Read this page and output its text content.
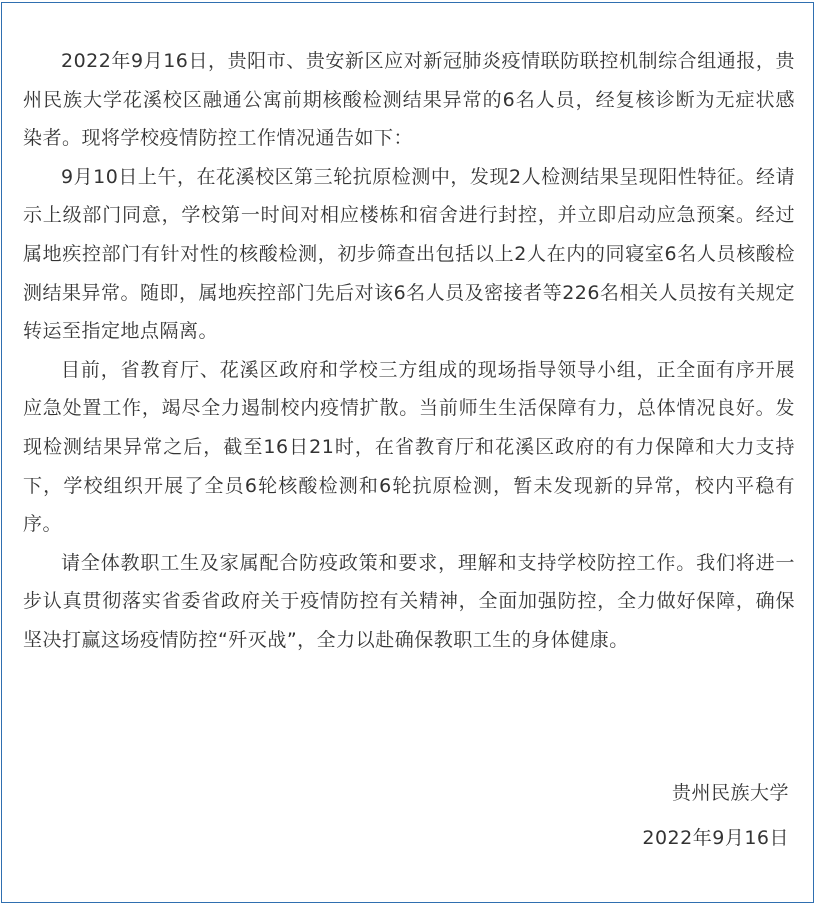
2022年9月16日，贵阳市、贵安新区应对新冠肺炎疫情联防联控机制综合组通报，贵州民族大学花溪校区融通公寓前期核酸检测结果异常的6名人员，经复核诊断为无症状感染者。现将学校疫情防控工作情况通告如下：

9月10日上午，在花溪校区第三轮抗原检测中，发现2人检测结果呈现阳性特征。经请示上级部门同意，学校第一时间对相应楼栋和宿舍进行封控，并立即启动应急预案。经过属地疾控部门有针对性的核酸检测，初步筛查出包括以上2人在内的同寝室6名人员核酸检测结果异常。随即，属地疾控部门先后对该6名人员及密接者等226名相关人员按有关规定转运至指定地点隔离。

目前，省教育厅、花溪区政府和学校三方组成的现场指导领导小组，正全面有序开展应急处置工作，竭尽全力遏制校内疫情扩散。当前师生生活保障有力，总体情况良好。发现检测结果异常之后，截至16日21时，在省教育厅和花溪区政府的有力保障和大力支持下，学校组织开展了全员6轮核酸检测和6轮抗原检测，暂未发现新的异常，校内平稳有序。

请全体教职工生及家属配合防疫政策和要求，理解和支持学校防控工作。我们将进一步认真贯彻落实省委省政府关于疫情防控有关精神，全面加强防控，全力做好保障，确保坚决打赢这场疫情防控“歼灭战”，全力以赴确保教职工生的身体健康。

贵州民族大学
2022年9月16日
